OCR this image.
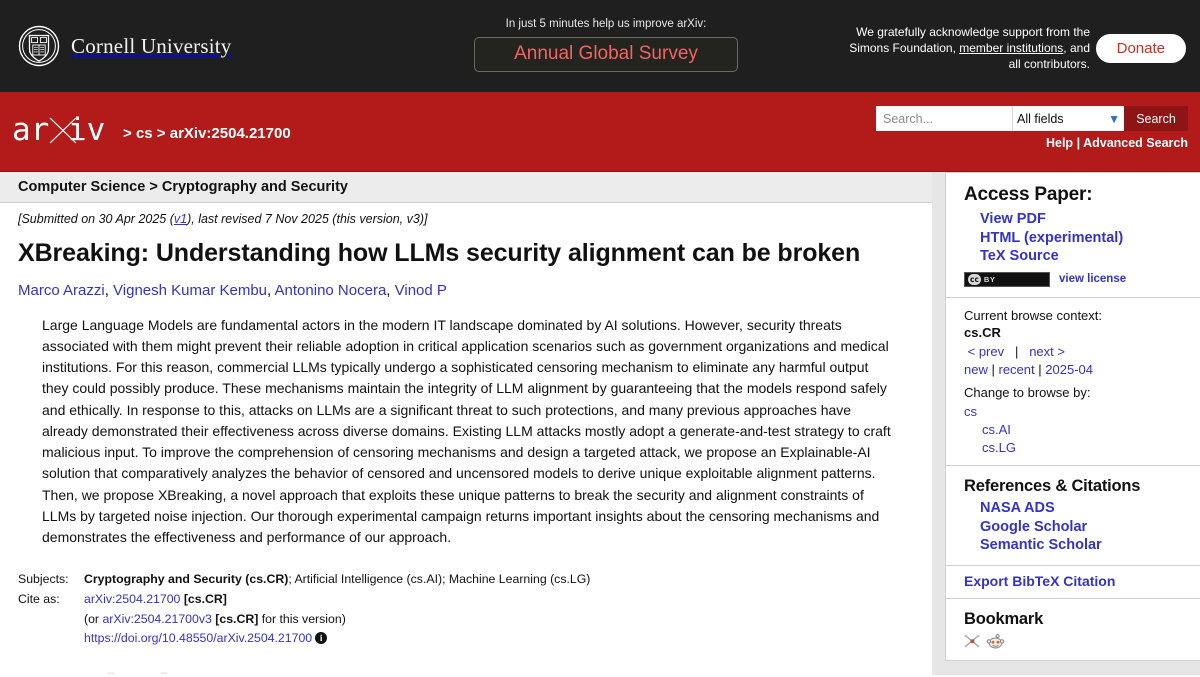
Cornell University
In just 5 minutes help us improve arXiv:
Annual Global Survey
We gratefully acknowledge support from the
Simons Foundation, member institutions, and
all contributors.
Donate
ar iv > cs > arXiv:2504.21700
Search...
All fields	▼	Search
Help | Advanced Search
Computer Science > Cryptography and Security
[Submitted on 30 Apr 2025 (v1), last revised 7 Nov 2025 (this version, v3)]
XBreaking: Understanding how LLMs security alignment can be broken
Marco Arazzi, Vignesh Kumar Kembu, Antonino Nocera, Vinod P
Large Language Models are fundamental actors in the modern IT landscape dominated by AI solutions. However, security threats associated with them might prevent their reliable adoption in critical application scenarios such as government organizations and medical institutions. For this reason, commercial LLMs typically undergo a sophisticated censoring mechanism to eliminate any harmful output they could possibly produce. These mechanisms maintain the integrity of LLM alignment by guaranteeing that the models respond safely and ethically. In response to this, attacks on LLMs are a significant threat to such protections, and many previous approaches have already demonstrated their effectiveness across diverse domains. Existing LLM attacks mostly adopt a generate-and-test strategy to craft malicious input. To improve the comprehension of censoring mechanisms and design a targeted attack, we propose an Explainable-AI solution that comparatively analyzes the behavior of censored and uncensored models to derive unique exploitable alignment patterns. Then, we propose XBreaking, a novel approach that exploits these unique patterns to break the security and alignment constraints of LLMs by targeted noise injection. Our thorough experimental campaign returns important insights about the censoring mechanisms and demonstrates the effectiveness and performance of our approach.
Subjects:	Cryptography and Security (cs.CR); Artificial Intelligence (cs.AI); Machine Learning (cs.LG)
Cite as:	arXiv:2504.21700 [cs.CR]
(or arXiv:2504.21700v3 [cs.CR] for this version)
https://doi.org/10.48550/arXiv.2504.21700 i
_              _
Access Paper:
View PDF
HTML (experimental)
TeX Source
cc BY	view license
Current browse context:
cs.CR
< prev | next >
new | recent | 2025-04
Change to browse by:
cs
cs.AI
cs.LG
References & Citations
NASA ADS
Google Scholar
Semantic Scholar
Export BibTeX Citation
Bookmark
